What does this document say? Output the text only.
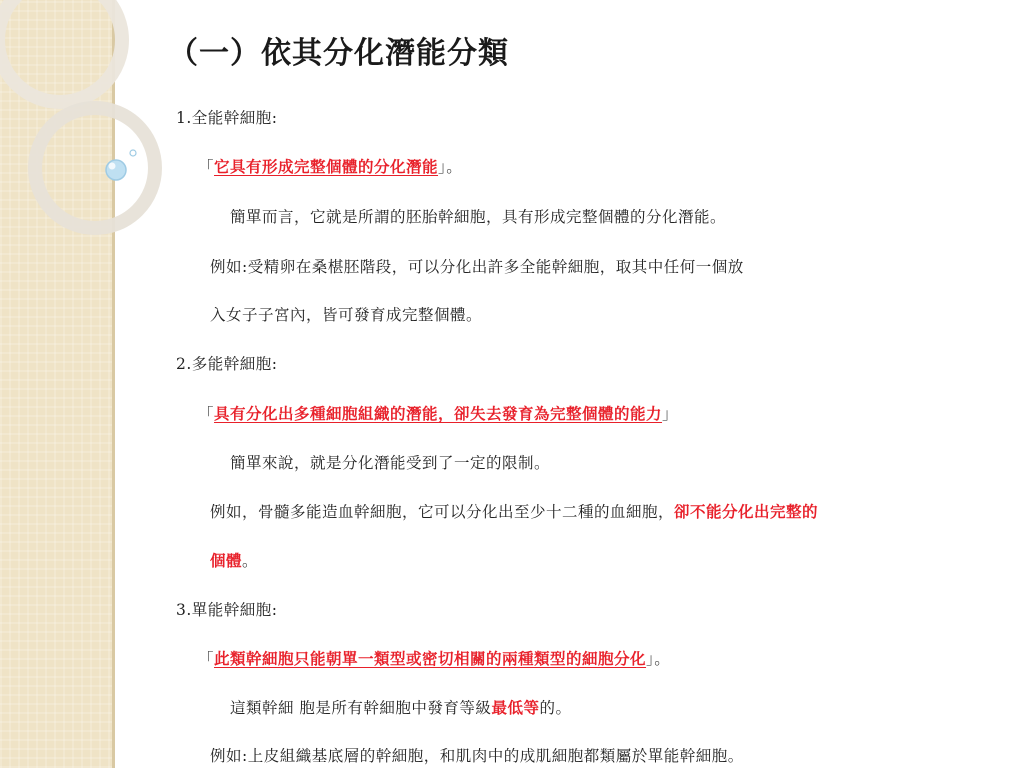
（一）依其分化潛能分類
1.全能幹細胞:
「它具有形成完整個體的分化潛能」。
簡單而言，它就是所謂的胚胎幹細胞，具有形成完整個體的分化潛能。
例如:受精卵在桑椹胚階段，可以分化出許多全能幹細胞，取其中任何一個放
入女子子宮內，皆可發育成完整個體。
2.多能幹細胞:
「具有分化出多種細胞組織的潛能，卻失去發育為完整個體的能力」
簡單來說，就是分化潛能受到了一定的限制。
例如，骨髓多能造血幹細胞，它可以分化出至少十二種的血細胞，卻不能分化出完整的
個體。
3.單能幹細胞:
「此類幹細胞只能朝單一類型或密切相關的兩種類型的細胞分化」。
這類幹細 胞是所有幹細胞中發育等級最低等的。
例如:上皮組織基底層的幹細胞，和肌肉中的成肌細胞都類屬於單能幹細胞。
